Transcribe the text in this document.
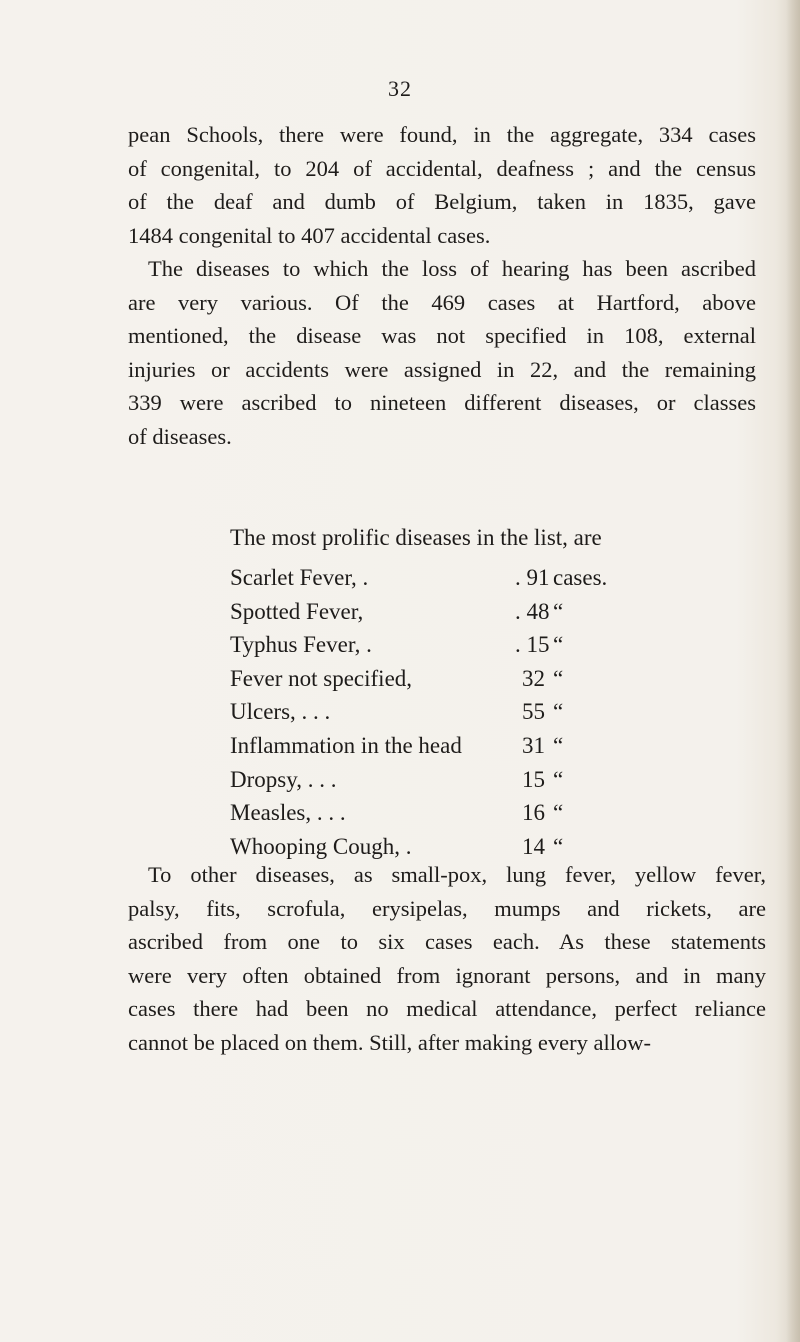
32
pean Schools, there were found, in the aggregate, 334 cases
of congenital, to 204 of accidental, deafness ; and the census
of the deaf and dumb of Belgium, taken in 1835, gave
1484 congenital to 407 accidental cases.
The diseases to which the loss of hearing has been ascribed
are very various. Of the 469 cases at Hartford, above
mentioned, the disease was not specified in 108, external
injuries or accidents were assigned in 22, and the remaining
339 were ascribed to nineteen different diseases, or classes
of diseases.
The most prolific diseases in the list, are
Scarlet Fever, .	. 91 cases.
Spotted Fever,	. 48 “
Typhus Fever, .	. 15 “
Fever not specified,	32 “
Ulcers, . . .	55 “
Inflammation in the head	31 “
Dropsy, . . .	15 “
Measles, . . .	16 “
Whooping Cough, .	14 “
To other diseases, as small-pox, lung fever, yellow fever,
palsy, fits, scrofula, erysipelas, mumps and rickets, are
ascribed from one to six cases each. As these statements
were very often obtained from ignorant persons, and in many
cases there had been no medical attendance, perfect reliance
cannot be placed on them. Still, after making every allow-
